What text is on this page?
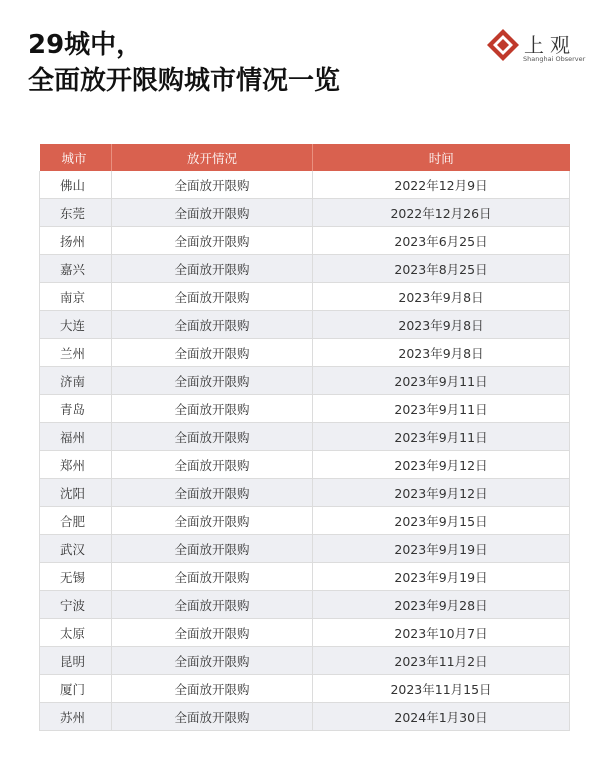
29城中，
全面放开限购城市情况一览
上观
Shanghai Observer
城市	放开情况	时间
佛山	全面放开限购	2022年12月9日
东莞	全面放开限购	2022年12月26日
扬州	全面放开限购	2023年6月25日
嘉兴	全面放开限购	2023年8月25日
南京	全面放开限购	2023年9月8日
大连	全面放开限购	2023年9月8日
兰州	全面放开限购	2023年9月8日
济南	全面放开限购	2023年9月11日
青岛	全面放开限购	2023年9月11日
福州	全面放开限购	2023年9月11日
郑州	全面放开限购	2023年9月12日
沈阳	全面放开限购	2023年9月12日
合肥	全面放开限购	2023年9月15日
武汉	全面放开限购	2023年9月19日
无锡	全面放开限购	2023年9月19日
宁波	全面放开限购	2023年9月28日
太原	全面放开限购	2023年10月7日
昆明	全面放开限购	2023年11月2日
厦门	全面放开限购	2023年11月15日
苏州	全面放开限购	2024年1月30日
